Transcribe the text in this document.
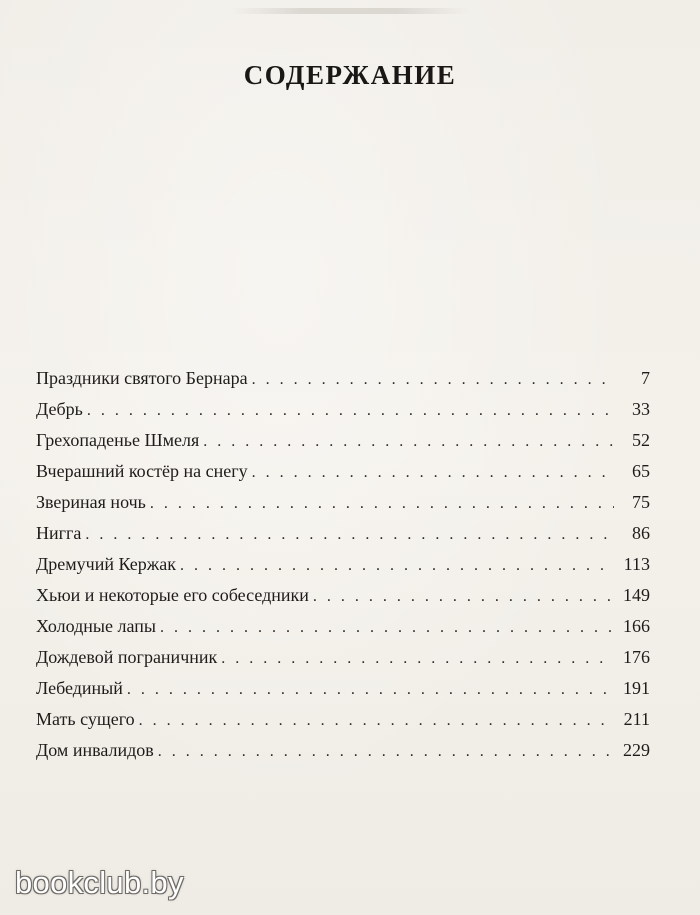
СОДЕРЖАНИЕ
Праздники святого Бернара . . .	7
Дебрь . . .	33
Грехопаденье Шмеля . . .	52
Вчерашний костёр на снегу . . .	65
Звериная ночь . . .	75
Нигга . . .	86
Дремучий Кержак . . .	113
Хьюи и некоторые его собеседники . . .	149
Холодные лапы . . .	166
Дождевой пограничник . . .	176
Лебединый . . .	191
Мать сущего . . .	211
Дом инвалидов . . .	229
bookclub.by
